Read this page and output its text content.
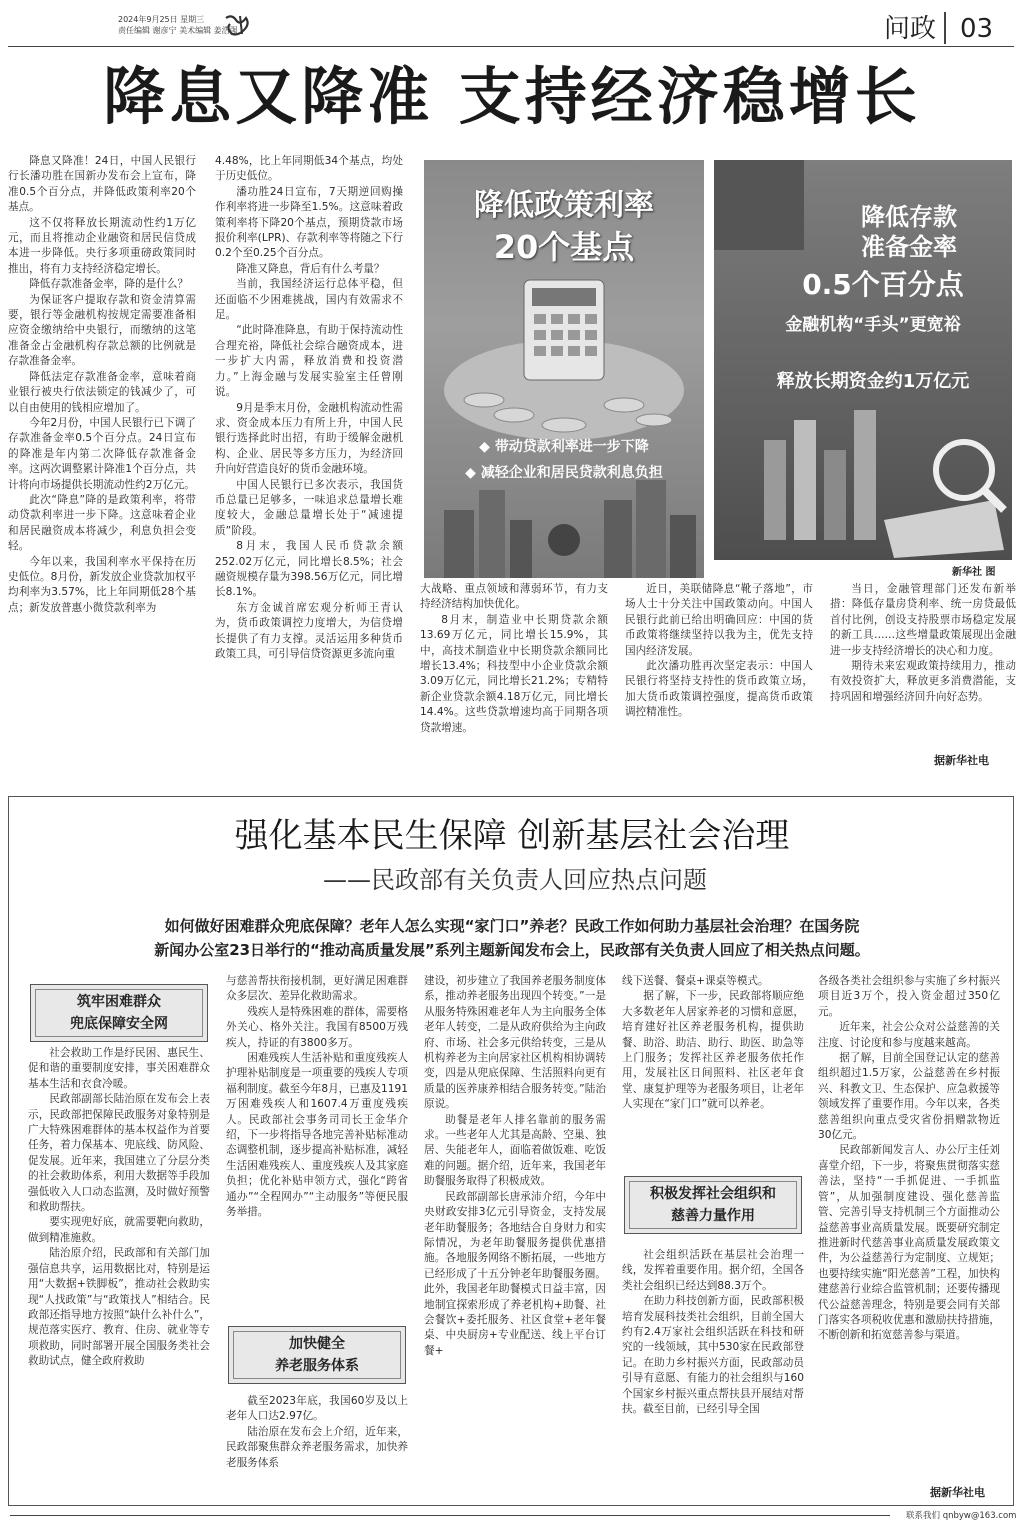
2024年9月25日 星期三
责任编辑 谢彦宁 美术编辑 姜浩强	问政 03
降息又降准 支持经济稳增长

降息又降准！24日，中国人民银行行长潘功胜在国新办发布会上宣布，降准0.5个百分点，并降低政策利率20个基点。

这不仅将释放长期流动性约1万亿元，而且将推动企业融资和居民信贷成本进一步降低。央行多项重磅政策同时推出，将有力支持经济稳定增长。

降低存款准备金率，降的是什么？

为保证客户提取存款和资金清算需要，银行等金融机构按规定需要准备相应资金缴纳给中央银行，而缴纳的这笔准备金占金融机构存款总额的比例就是存款准备金率。

降低法定存款准备金率，意味着商业银行被央行依法锁定的钱减少了，可以自由使用的钱相应增加了。

今年2月份，中国人民银行已下调了存款准备金率0.5个百分点。24日宣布的降准是年内第二次降低存款准备金率。这两次调整累计降准1个百分点，共计将向市场提供长期流动性约2万亿元。

此次“降息”降的是政策利率，将带动贷款利率进一步下降。这意味着企业和居民融资成本将减少，利息负担会变轻。

今年以来，我国利率水平保持在历史低位。8月份，新发放企业贷款加权平均利率为3.57%，比上年同期低28个基点；新发放普惠小微贷款利率为

4.48%，比上年同期低34个基点，均处于历史低位。

潘功胜24日宣布，7天期逆回购操作利率将进一步降至1.5%。这意味着政策利率将下降20个基点，预期贷款市场报价利率(LPR)、存款利率等将随之下行0.2个至0.25个百分点。

降准又降息，背后有什么考量？

当前，我国经济运行总体平稳，但还面临不少困难挑战，国内有效需求不足。

“此时降准降息，有助于保持流动性合理充裕，降低社会综合融资成本，进一步扩大内需，释放消费和投资潜力。”上海金融与发展实验室主任曾刚说。

9月是季末月份，金融机构流动性需求、资金成本压力有所上升，中国人民银行选择此时出招，有助于缓解金融机构、企业、居民等多方压力，为经济回升向好营造良好的货币金融环境。

中国人民银行已多次表示，我国货币总量已足够多，一味追求总量增长难度较大，金融总量增长处于“减速提质”阶段。

8月末，我国人民币贷款余额252.02万亿元，同比增长8.5%；社会融资规模存量为398.56万亿元，同比增长8.1%。

东方金诚首席宏观分析师王青认为，货币政策调控力度增大，为信贷增长提供了有力支撑。灵活运用多种货币政策工具，可引导信贷资源更多流向重

大战略、重点领域和薄弱环节，有力支持经济结构加快优化。

8月末，制造业中长期贷款余额13.69万亿元，同比增长15.9%，其中，高技术制造业中长期贷款余额同比增长13.4%；科技型中小企业贷款余额3.09万亿元，同比增长21.2%；专精特新企业贷款余额4.18万亿元，同比增长14.4%。这些贷款增速均高于同期各项贷款增速。

近日，美联储降息“靴子落地”，市场人士十分关注中国政策动向。中国人民银行此前已给出明确回应：中国的货币政策将继续坚持以我为主，优先支持国内经济发展。

此次潘功胜再次坚定表示：中国人民银行将坚持支持性的货币政策立场，加大货币政策调控强度，提高货币政策调控精准性。

当日，金融管理部门还发布新举措：降低存量房贷利率、统一房贷最低首付比例，创设支持股票市场稳定发展的新工具……这些增量政策展现出金融进一步支持经济增长的决心和力度。

期待未来宏观政策持续用力，推动有效投资扩大，释放更多消费潜能，支持巩固和增强经济回升向好态势。

据新华社电
降低政策利率
20个基点
◆ 带动贷款利率进一步下降
◆ 减轻企业和居民贷款利息负担
降低存款
准备金率
0.5个百分点
金融机构“手头”更宽裕
释放长期资金约1万亿元
新华社 图
强化基本民生保障 创新基层社会治理
——民政部有关负责人回应热点问题
如何做好困难群众兜底保障？老年人怎么实现“家门口”养老？民政工作如何助力基层社会治理？在国务院
新闻办公室23日举行的“推动高质量发展”系列主题新闻发布会上，民政部有关负责人回应了相关热点问题。
筑牢困难群众
兜底保障安全网
加快健全
养老服务体系
积极发挥社会组织和
慈善力量作用

社会救助工作是纾民困、惠民生、促和谐的重要制度安排，事关困难群众基本生活和衣食冷暖。

民政部副部长陆治原在发布会上表示，民政部把保障民政服务对象特别是广大特殊困难群体的基本权益作为首要任务，着力保基本、兜底线、防风险、促发展。近年来，我国建立了分层分类的社会救助体系，利用大数据等手段加强低收入人口动态监测，及时做好预警和救助帮扶。

要实现兜好底，就需要靶向救助，做到精准施救。

陆治原介绍，民政部和有关部门加强信息共享，运用数据比对，特别是运用“大数据+铁脚板”，推动社会救助实现“人找政策”与“政策找人”相结合。民政部还指导地方按照“缺什么补什么”，规范落实医疗、教育、住房、就业等专项救助，同时部署开展全国服务类社会救助试点，健全政府救助

与慈善帮扶衔接机制，更好满足困难群众多层次、差异化救助需求。

残疾人是特殊困难的群体，需要格外关心、格外关注。我国有8500万残疾人，持证的有3800多万。

困难残疾人生活补贴和重度残疾人护理补贴制度是一项重要的残疾人专项福利制度。截至今年8月，已惠及1191万困难残疾人和1607.4万重度残疾人。民政部社会事务司司长王金华介绍，下一步将指导各地完善补贴标准动态调整机制，逐步提高补贴标准，减轻生活困难残疾人、重度残疾人及其家庭负担；优化补贴申领方式，强化“跨省通办”“全程网办”“主动服务”等便民服务举措。

截至2023年底，我国60岁及以上老年人口达2.97亿。

陆治原在发布会上介绍，近年来，民政部聚焦群众养老服务需求，加快养老服务体系

建设，初步建立了我国养老服务制度体系，推动养老服务出现四个转变。”一是从服务特殊困难老年人为主向服务全体老年人转变，二是从政府供给为主向政府、市场、社会多元供给转变，三是从机构养老为主向居家社区机构相协调转变，四是从兜底保障、生活照料向更有质量的医养康养相结合服务转变。”陆治原说。

助餐是老年人排名靠前的服务需求。一些老年人尤其是高龄、空巢、独居、失能老年人，面临着做饭难、吃饭难的问题。据介绍，近年来，我国老年助餐服务取得了积极成效。

民政部副部长唐承沛介绍，今年中央财政安排3亿元引导资金，支持发展老年助餐服务；各地结合自身财力和实际情况，为老年助餐服务提供优惠措施。各地服务网络不断拓展，一些地方已经形成了十五分钟老年助餐服务圈。此外，我国老年助餐模式日益丰富，因地制宜探索形成了养老机构+助餐、社会餐饮+委托服务、社区食堂+老年餐桌、中央厨房+专业配送、线上平台订餐+

线下送餐、餐桌+课桌等模式。

据了解，下一步，民政部将顺应绝大多数老年人居家养老的习惯和意愿，培育建好社区养老服务机构，提供助餐、助浴、助洁、助行、助医、助急等上门服务；发挥社区养老服务依托作用，发展社区日间照料、社区老年食堂、康复护理等为老服务项目，让老年人实现在“家门口”就可以养老。

社会组织活跃在基层社会治理一线，发挥着重要作用。据介绍，全国各类社会组织已经达到88.3万个。

在助力科技创新方面，民政部积极培育发展科技类社会组织，目前全国大约有2.4万家社会组织活跃在科技和研究的一线领域，其中530家在民政部登记。在助力乡村振兴方面，民政部动员引导有意愿、有能力的社会组织与160个国家乡村振兴重点帮扶县开展结对帮扶。截至目前，已经引导全国

各级各类社会组织参与实施了乡村振兴项目近3万个，投入资金超过350亿元。

近年来，社会公众对公益慈善的关注度、讨论度和参与度越来越高。

据了解，目前全国登记认定的慈善组织超过1.5万家，公益慈善在乡村振兴、科教文卫、生态保护、应急救援等领域发挥了重要作用。今年以来，各类慈善组织向重点受灾省份捐赠款物近30亿元。

民政部新闻发言人、办公厅主任刘喜堂介绍，下一步，将聚焦贯彻落实慈善法，坚持“一手抓促进、一手抓监管”，从加强制度建设、强化慈善监管、完善引导支持机制三个方面推动公益慈善事业高质量发展。既要研究制定推进新时代慈善事业高质量发展政策文件，为公益慈善行为定制度、立规矩；也要持续实施“阳光慈善”工程，加快构建慈善行业综合监管机制；还要传播现代公益慈善理念，特别是要会同有关部门落实各项税收优惠和激励扶持措施，不断创新和拓宽慈善参与渠道。

据新华社电
联系我们 qnbyw@163.com
